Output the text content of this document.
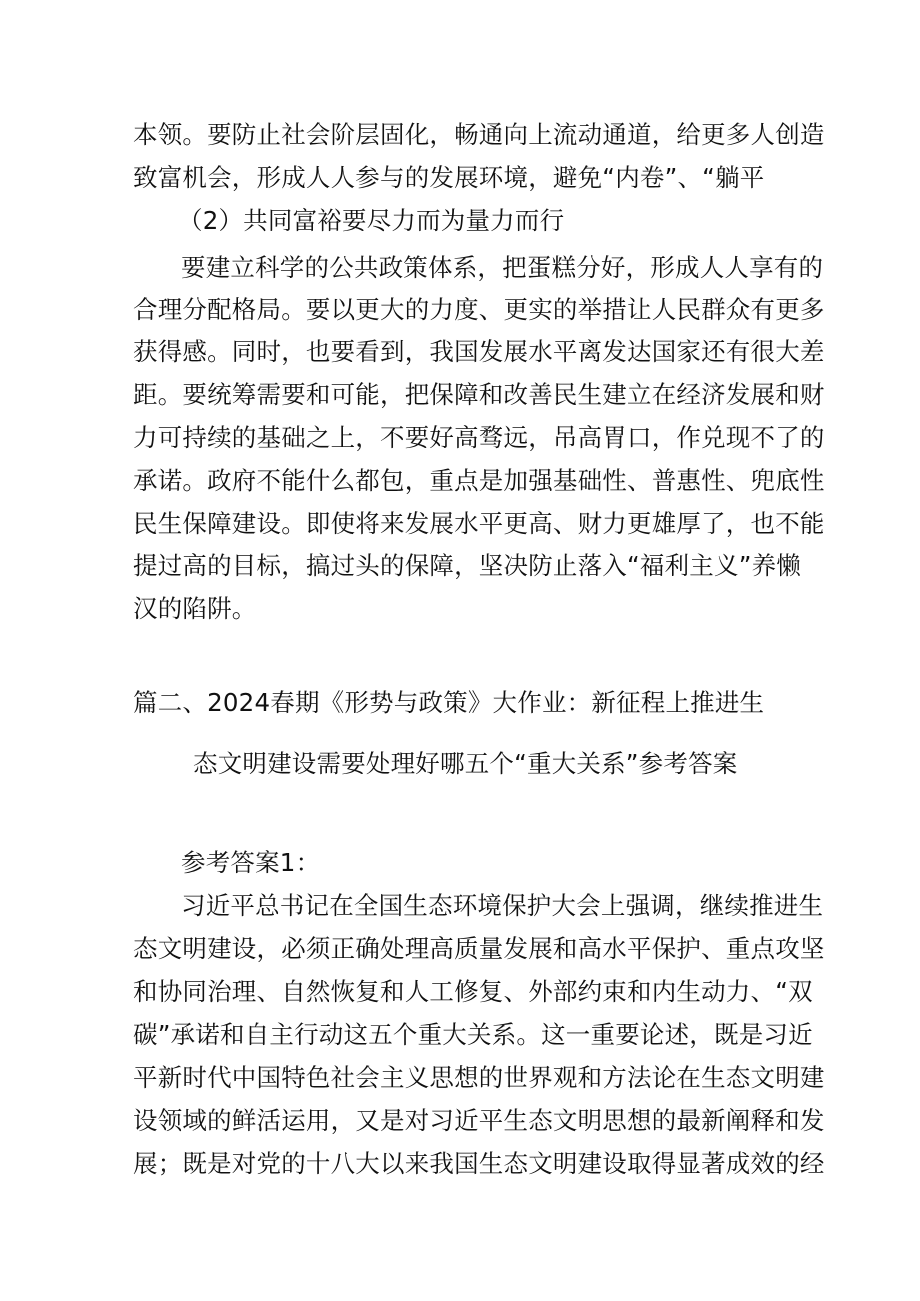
本领。要防止社会阶层固化，畅通向上流动通道，给更多人创造
致富机会，形成人人参与的发展环境，避免“内卷”、“躺平
（2）共同富裕要尽力而为量力而行
要建立科学的公共政策体系，把蛋糕分好，形成人人享有的
合理分配格局。要以更大的力度、更实的举措让人民群众有更多
获得感。同时，也要看到，我国发展水平离发达国家还有很大差
距。要统筹需要和可能，把保障和改善民生建立在经济发展和财
力可持续的基础之上，不要好高骛远，吊高胃口，作兑现不了的
承诺。政府不能什么都包，重点是加强基础性、普惠性、兜底性
民生保障建设。即使将来发展水平更高、财力更雄厚了，也不能
提过高的目标，搞过头的保障，坚决防止落入“福利主义”养懒
汉的陷阱。
篇二、2024春期《形势与政策》大作业：新征程上推进生
态文明建设需要处理好哪五个“重大关系”参考答案
参考答案1：
习近平总书记在全国生态环境保护大会上强调，继续推进生
态文明建设，必须正确处理高质量发展和高水平保护、重点攻坚
和协同治理、自然恢复和人工修复、外部约束和内生动力、“双
碳”承诺和自主行动这五个重大关系。这一重要论述，既是习近
平新时代中国特色社会主义思想的世界观和方法论在生态文明建
设领域的鲜活运用，又是对习近平生态文明思想的最新阐释和发
展；既是对党的十八大以来我国生态文明建设取得显著成效的经
